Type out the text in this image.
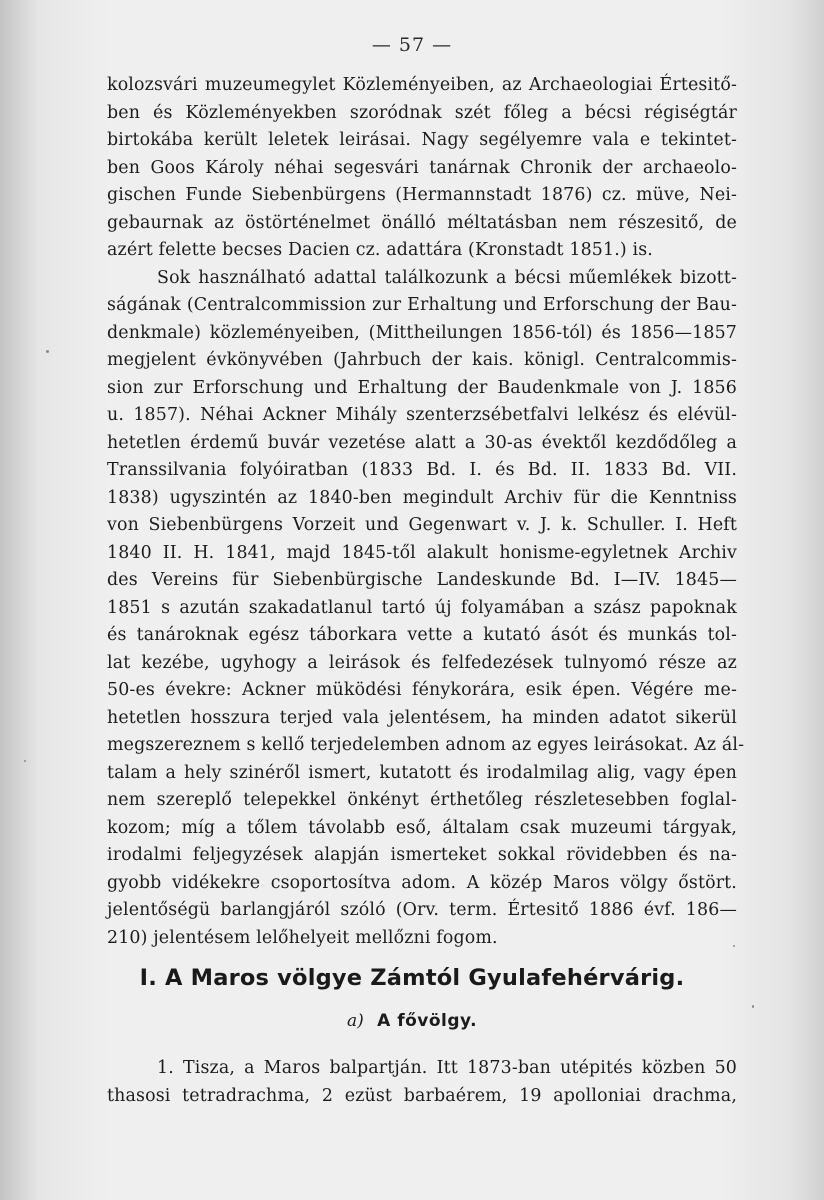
— 57 —
kolozsvári muzeumegylet Közleményeiben, az Archaeologiai Értesitő-
ben és Közleményekben szoródnak szét főleg a bécsi régiségtár
birtokába került leletek leirásai. Nagy segélyemre vala e tekintet-
ben Goos Károly néhai segesvári tanárnak Chronik der archaeolo-
gischen Funde Siebenbürgens (Hermannstadt 1876) cz. müve, Nei-
gebaurnak az östörténelmet önálló méltatásban nem részesitő, de
azért felette becses Dacien cz. adattára (Kronstadt 1851.) is.
Sok használható adattal találkozunk a bécsi műemlékek bizott-
ságának (Centralcommission zur Erhaltung und Erforschung der Bau-
denkmale) közleményeiben, (Mittheilungen 1856-tól) és 1856—1857
megjelent évkönyvében (Jahrbuch der kais. königl. Centralcommis-
sion zur Erforschung und Erhaltung der Baudenkmale von J. 1856
u. 1857). Néhai Ackner Mihály szenterzsébetfalvi lelkész és elévül-
hetetlen érdemű buvár vezetése alatt a 30-as évektől kezdődőleg a
Transsilvania folyóiratban (1833 Bd. I. és Bd. II. 1833 Bd. VII.
1838) ugyszintén az 1840-ben megindult Archiv für die Kenntniss
von Siebenbürgens Vorzeit und Gegenwart v. J. k. Schuller. I. Heft
1840 II. H. 1841, majd 1845-től alakult honisme-egyletnek Archiv
des Vereins für Siebenbürgische Landeskunde Bd. I—IV. 1845—
1851 s azután szakadatlanul tartó új folyamában a szász papoknak
és tanároknak egész táborkara vette a kutató ásót és munkás tol-
lat kezébe, ugyhogy a leirások és felfedezések tulnyomó része az
50-es évekre: Ackner müködési fénykorára, esik épen. Végére me-
hetetlen hosszura terjed vala jelentésem, ha minden adatot sikerül
megszereznem s kellő terjedelemben adnom az egyes leirásokat. Az ál-
talam a hely szinéről ismert, kutatott és irodalmilag alig, vagy épen
nem szereplő telepekkel önkényt érthetőleg részletesebben foglal-
kozom; míg a tőlem távolabb eső, általam csak muzeumi tárgyak,
irodalmi feljegyzések alapján ismerteket sokkal rövidebben és na-
gyobb vidékekre csoportosítva adom. A közép Maros völgy őstört.
jelentőségü barlangjáról szóló (Orv. term. Értesitő 1886 évf. 186—
210) jelentésem lelőhelyeit mellőzni fogom.
I. A Maros völgye Zámtól Gyulafehérvárig.
a) A fővölgy.
1. Tisza, a Maros balpartján. Itt 1873-ban utépités közben 50
thasosi tetradrachma, 2 ezüst barbaérem, 19 apolloniai drachma,
